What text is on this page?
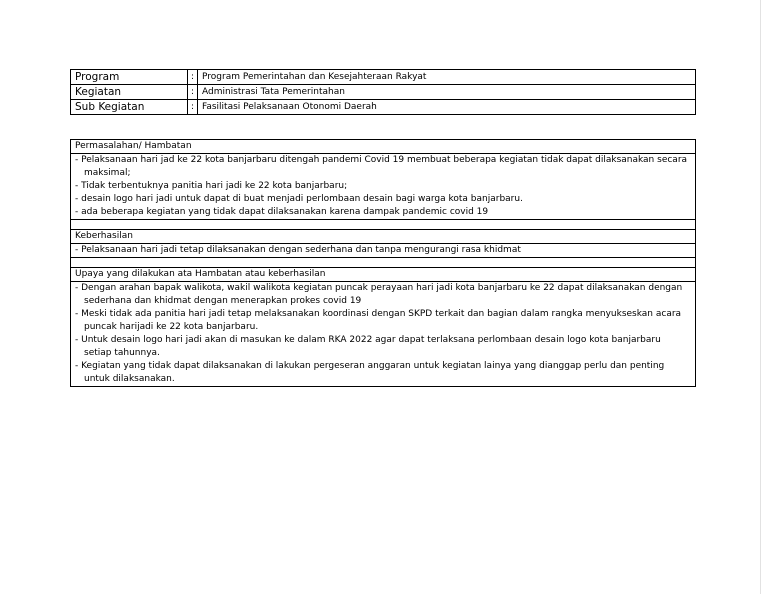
Program	:	Program Pemerintahan dan Kesejahteraan Rakyat
Kegiatan	:	Administrasi Tata Pemerintahan
Sub Kegiatan	:	Fasilitasi Pelaksanaan Otonomi Daerah
Permasalahan/ Hambatan

- Pelaksanaan hari jad ke 22 kota banjarbaru ditengah pandemi Covid 19 membuat beberapa kegiatan tidak dapat dilaksanakan secara maksimal;
- Tidak terbentuknya panitia hari jadi ke 22 kota banjarbaru;
- desain logo hari jadi untuk dapat di buat menjadi perlombaan desain bagi warga kota banjarbaru.
- ada beberapa kegiatan yang tidak dapat dilaksanakan karena dampak pandemic covid 19

Keberhasilan

- Pelaksanaan hari jadi tetap dilaksanakan dengan sederhana dan tanpa mengurangi rasa khidmat

Upaya yang dilakukan ata Hambatan atau keberhasilan

- Dengan arahan bapak walikota, wakil walikota kegiatan puncak perayaan hari jadi kota banjarbaru ke 22 dapat dilaksanakan dengan sederhana dan khidmat dengan menerapkan prokes covid 19
- Meski tidak ada panitia hari jadi tetap melaksanakan koordinasi dengan SKPD terkait dan bagian dalam rangka menyukseskan acara puncak harijadi ke 22 kota banjarbaru.
- Untuk desain logo hari jadi akan di masukan ke dalam RKA 2022 agar dapat terlaksana perlombaan desain logo kota banjarbaru setiap tahunnya.
- Kegiatan yang tidak dapat dilaksanakan di lakukan pergeseran anggaran untuk kegiatan lainya yang dianggap perlu dan penting untuk dilaksanakan.
